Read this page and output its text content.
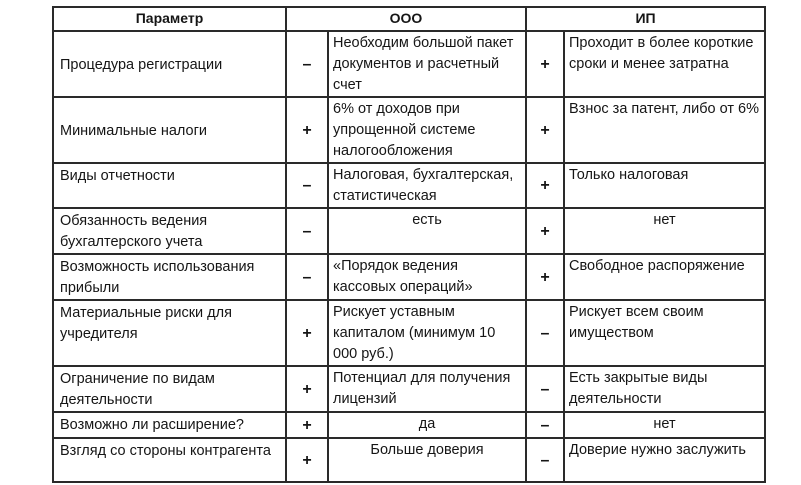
Параметр	ООО		ИП	
Процедура регистрации	–	Необходим большой пакет документов и расчетный счет	+	Проходит в более короткие сроки и менее затратна
Минимальные налоги	+	6% от доходов при упрощенной системе налогообложения	+	Взнос за патент, либо от 6%
Виды отчетности	–	Налоговая, бухгалтерская, статистическая	+	Только налоговая
Обязанность ведения бухгалтерского учета	–	есть	+	нет
Возможность использования прибыли	–	«Порядок ведения кассовых операций»	+	Свободное распоряжение
Материальные риски для учредителя	+	Рискует уставным капиталом (минимум 10 000 руб.)	–	Рискует всем своим имуществом
Ограничение по видам деятельности	+	Потенциал для получения лицензий	–	Есть закрытые виды деятельности
Возможно ли расширение?	+	да	–	нет
Взгляд со стороны контрагента	+	Больше доверия	–	Доверие нужно заслужить
